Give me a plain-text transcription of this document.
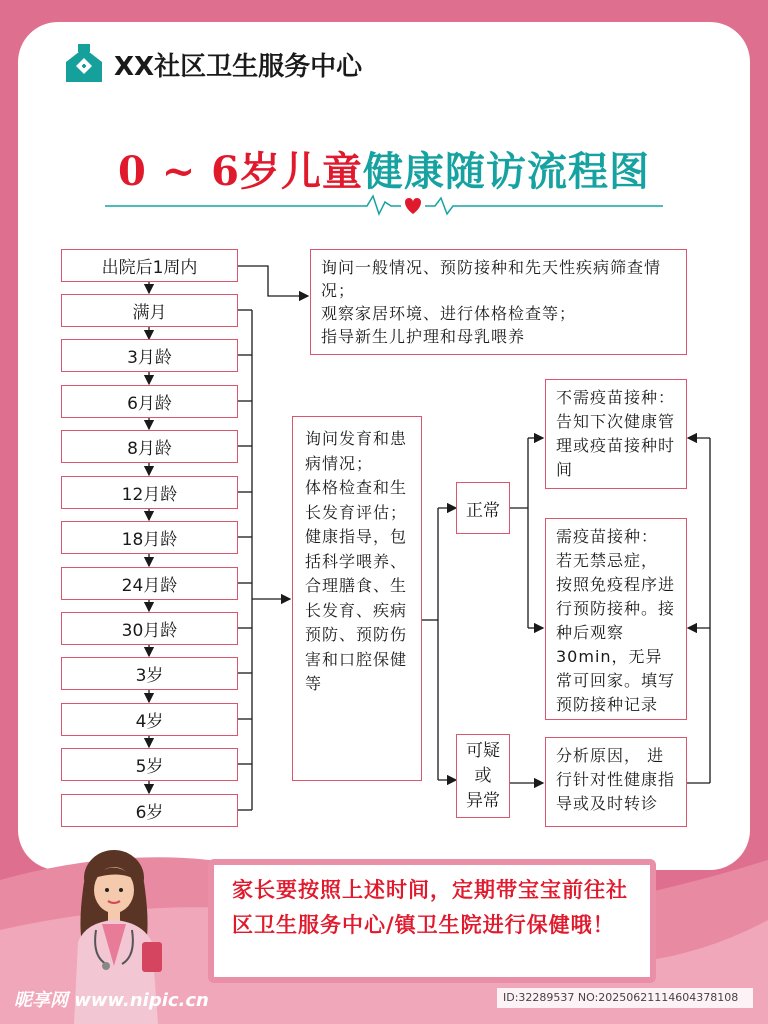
XX社区卫生服务中心
0 ~ 6岁儿童健康随访流程图
出院后1周内
满月
3月龄
6月龄
8月龄
12月龄
18月龄
24月龄
30月龄
3岁
4岁
5岁
6岁
询问一般情况、预防接种和先天性疾病筛查情况；
观察家居环境、进行体格检查等；
指导新生儿护理和母乳喂养
询问发育和患病情况；
体格检查和生长发育评估；
健康指导，包括科学喂养、合理膳食、生长发育、疾病预防、预防伤害和口腔保健等
正常
可疑
或
异常
不需疫苗接种：告知下次健康管理或疫苗接种时间
需疫苗接种：
若无禁忌症， 按照免疫程序进行预防接种。接种后观察 30min，无异常可回家。填写预防接种记录
分析原因， 进行针对性健康指导或及时转诊
家长要按照上述时间，定期带宝宝前往社区卫生服务中心/镇卫生院进行保健哦！
昵享网 www.nipic.cn	ID:32289537 NO:20250621114604378108
